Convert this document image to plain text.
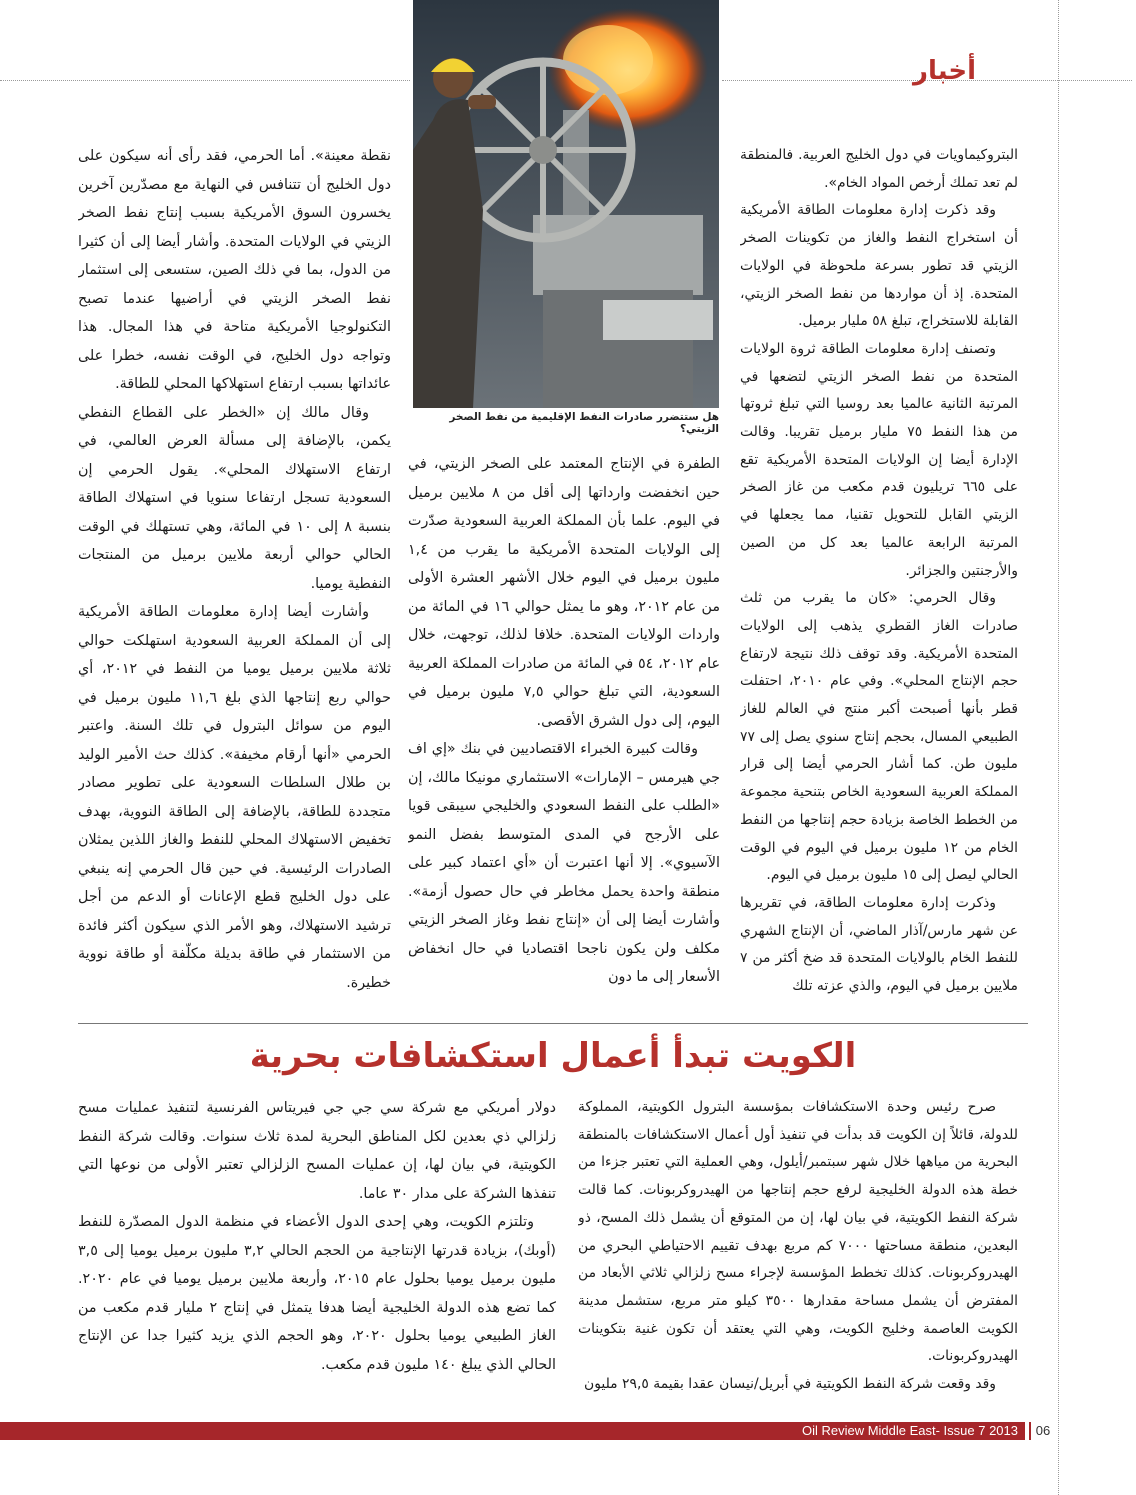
أخبار
هل ستتضرر صادرات النفط الإقليمية من نفط الصخر الزيتي؟

البتروكيماويات في دول الخليج العربية. فالمنطقة لم تعد تملك أرخص المواد الخام».

وقد ذكرت إدارة معلومات الطاقة الأمريكية أن استخراج النفط والغاز من تكوينات الصخر الزيتي قد تطور بسرعة ملحوظة في الولايات المتحدة. إذ أن مواردها من نفط الصخر الزيتي، القابلة للاستخراج، تبلغ ٥٨ مليار برميل.

وتصنف إدارة معلومات الطاقة ثروة الولايات المتحدة من نفط الصخر الزيتي لتضعها في المرتبة الثانية عالميا بعد روسيا التي تبلغ ثروتها من هذا النفط ٧٥ مليار برميل تقريبا. وقالت الإدارة أيضا إن الولايات المتحدة الأمريكية تقع على ٦٦٥ تريليون قدم مكعب من غاز الصخر الزيتي القابل للتحويل تقنيا، مما يجعلها في المرتبة الرابعة عالميا بعد كل من الصين والأرجنتين والجزائر.

وقال الحرمي: «كان ما يقرب من ثلث صادرات الغاز القطري يذهب إلى الولايات المتحدة الأمريكية. وقد توقف ذلك نتيجة لارتفاع حجم الإنتاج المحلي». وفي عام ٢٠١٠، احتفلت قطر بأنها أصبحت أكبر منتج في العالم للغاز الطبيعي المسال، بحجم إنتاج سنوي يصل إلى ٧٧ مليون طن. كما أشار الحرمي أيضا إلى قرار المملكة العربية السعودية الخاص بتنحية مجموعة من الخطط الخاصة بزيادة حجم إنتاجها من النفط الخام من ١٢ مليون برميل في اليوم في الوقت الحالي ليصل إلى ١٥ مليون برميل في اليوم.

وذكرت إدارة معلومات الطاقة، في تقريرها عن شهر مارس/آذار الماضي، أن الإنتاج الشهري للنفط الخام بالولايات المتحدة قد ضخ أكثر من ٧ ملايين برميل في اليوم، والذي عزته تلك

الطفرة في الإنتاج المعتمد على الصخر الزيتي، في حين انخفضت وارداتها إلى أقل من ٨ ملايين برميل في اليوم. علما بأن المملكة العربية السعودية صدّرت إلى الولايات المتحدة الأمريكية ما يقرب من ١,٤ مليون برميل في اليوم خلال الأشهر العشرة الأولى من عام ٢٠١٢، وهو ما يمثل حوالي ١٦ في المائة من واردات الولايات المتحدة. خلافا لذلك، توجهت، خلال عام ٢٠١٢، ٥٤ في المائة من صادرات المملكة العربية السعودية، التي تبلغ حوالي ٧,٥ مليون برميل في اليوم، إلى دول الشرق الأقصى.

وقالت كبيرة الخبراء الاقتصاديين في بنك «إي اف جي هيرمس – الإمارات» الاستثماري مونيكا مالك، إن «الطلب على النفط السعودي والخليجي سيبقى قويا على الأرجح في المدى المتوسط بفضل النمو الآسيوي». إلا أنها اعتبرت أن «أي اعتماد كبير على منطقة واحدة يحمل مخاطر في حال حصول أزمة». وأشارت أيضا إلى أن «إنتاج نفط وغاز الصخر الزيتي مكلف ولن يكون ناجحا اقتصاديا في حال انخفاض الأسعار إلى ما دون

نقطة معينة». أما الحرمي، فقد رأى أنه سيكون على دول الخليج أن تتنافس في النهاية مع مصدّرين آخرين يخسرون السوق الأمريكية بسبب إنتاج نفط الصخر الزيتي في الولايات المتحدة. وأشار أيضا إلى أن كثيرا من الدول، بما في ذلك الصين، ستسعى إلى استثمار نفط الصخر الزيتي في أراضيها عندما تصبح التكنولوجيا الأمريكية متاحة في هذا المجال. هذا وتواجه دول الخليج، في الوقت نفسه، خطرا على عائداتها بسبب ارتفاع استهلاكها المحلي للطاقة.

وقال مالك إن «الخطر على القطاع النفطي يكمن، بالإضافة إلى مسألة العرض العالمي، في ارتفاع الاستهلاك المحلي». يقول الحرمي إن السعودية تسجل ارتفاعا سنويا في استهلاك الطاقة بنسبة ٨ إلى ١٠ في المائة، وهي تستهلك في الوقت الحالي حوالي أربعة ملايين برميل من المنتجات النفطية يوميا.

وأشارت أيضا إدارة معلومات الطاقة الأمريكية إلى أن المملكة العربية السعودية استهلكت حوالي ثلاثة ملايين برميل يوميا من النفط في ٢٠١٢، أي حوالي ربع إنتاجها الذي بلغ ١١,٦ مليون برميل في اليوم من سوائل البترول في تلك السنة. واعتبر الحرمي «أنها أرقام مخيفة». كذلك حث الأمير الوليد بن طلال السلطات السعودية على تطوير مصادر متجددة للطاقة، بالإضافة إلى الطاقة النووية، بهدف تخفيض الاستهلاك المحلي للنفط والغاز اللذين يمثلان الصادرات الرئيسية. في حين قال الحرمي إنه ينبغي على دول الخليج قطع الإعانات أو الدعم من أجل ترشيد الاستهلاك، وهو الأمر الذي سيكون أكثر فائدة من الاستثمار في طاقة بديلة مكلّفة أو طاقة نووية خطيرة.

الكويت تبدأ أعمال استكشافات بحرية

صرح رئيس وحدة الاستكشافات بمؤسسة البترول الكويتية، المملوكة للدولة، قائلاً إن الكويت قد بدأت في تنفيذ أول أعمال الاستكشافات بالمنطقة البحرية من مياهها خلال شهر سبتمبر/أيلول، وهي العملية التي تعتبر جزءا من خطة هذه الدولة الخليجية لرفع حجم إنتاجها من الهيدروكربونات. كما قالت شركة النفط الكويتية، في بيان لها، إن من المتوقع أن يشمل ذلك المسح، ذو البعدين، منطقة مساحتها ٧٠٠٠ كم مربع بهدف تقييم الاحتياطي البحري من الهيدروكربونات. كذلك تخطط المؤسسة لإجراء مسح زلزالي ثلاثي الأبعاد من المفترض أن يشمل مساحة مقدارها ٣٥٠٠ كيلو متر مربع، ستشمل مدينة الكويت العاصمة وخليج الكويت، وهي التي يعتقد أن تكون غنية بتكوينات الهيدروكربونات.

وقد وقعت شركة النفط الكويتية في أبريل/نيسان عقدا بقيمة ٢٩,٥ مليون

دولار أمريكي مع شركة سي جي جي فيريتاس الفرنسية لتنفيذ عمليات مسح زلزالي ذي بعدين لكل المناطق البحرية لمدة ثلاث سنوات. وقالت شركة النفط الكويتية، في بيان لها، إن عمليات المسح الزلزالي تعتبر الأولى من نوعها التي تنفذها الشركة على مدار ٣٠ عاما.

وتلتزم الكويت، وهي إحدى الدول الأعضاء في منظمة الدول المصدّرة للنفط (أوبك)، بزيادة قدرتها الإنتاجية من الحجم الحالي ٣,٢ مليون برميل يوميا إلى ٣,٥ مليون برميل يوميا بحلول عام ٢٠١٥، وأربعة ملايين برميل يوميا في عام ٢٠٢٠. كما تضع هذه الدولة الخليجية أيضا هدفا يتمثل في إنتاج ٢ مليار قدم مكعب من الغاز الطبيعي يوميا بحلول ٢٠٢٠، وهو الحجم الذي يزيد كثيرا جدا عن الإنتاج الحالي الذي يبلغ ١٤٠ مليون قدم مكعب.

Oil Review Middle East- Issue 7 2013	06
